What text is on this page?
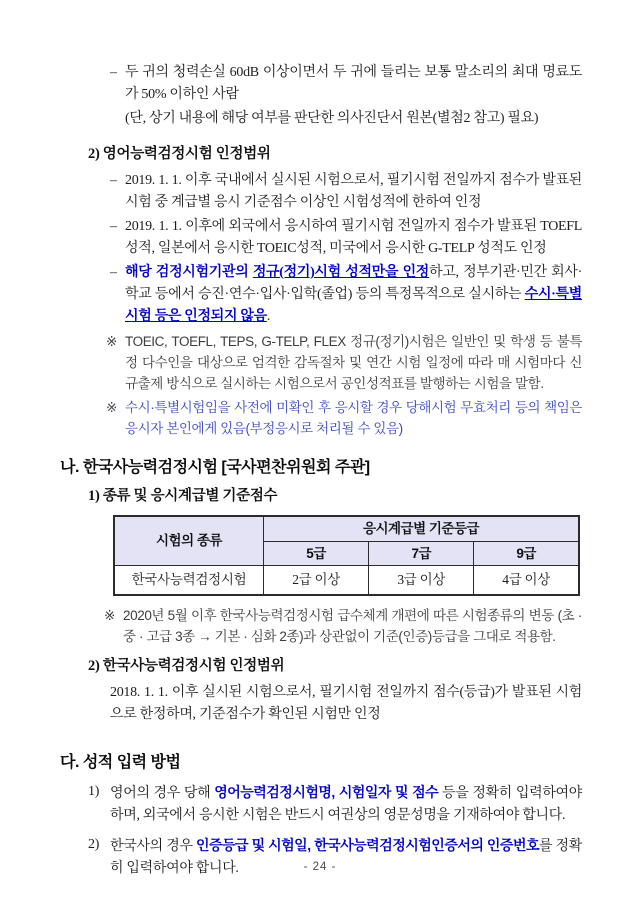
– 두 귀의 청력손실 60dB 이상이면서 두 귀에 들리는 보통 말소리의 최대 명료도가 50% 이하인 사람
(단, 상기 내용에 해당 여부를 판단한 의사진단서 원본(별첨2 참고) 필요)
2) 영어능력검정시험 인정범위
– 2019. 1. 1. 이후 국내에서 실시된 시험으로서, 필기시험 전일까지 점수가 발표된 시험 중 계급별 응시 기준점수 이상인 시험성적에 한하여 인정
– 2019. 1. 1. 이후에 외국에서 응시하여 필기시험 전일까지 점수가 발표된 TOEFL성적, 일본에서 응시한 TOEIC성적, 미국에서 응시한 G-TELP 성적도 인정
– 해당 검정시험기관의 정규(정기)시험 성적만을 인정하고, 정부기관·민간 회사·학교 등에서 승진·연수·입사·입학(졸업) 등의 특정목적으로 실시하는 수시·특별시험 등은 인정되지 않음.
※ TOEIC, TOEFL, TEPS, G-TELP, FLEX 정규(정기)시험은 일반인 및 학생 등 불특정 다수인을 대상으로 엄격한 감독절차 및 연간 시험 일정에 따라 매 시험마다 신규출제 방식으로 실시하는 시험으로서 공인성적표를 발행하는 시험을 말함.
※ 수시·특별시험임을 사전에 미확인 후 응시할 경우 당해시험 무효처리 등의 책임은 응시자 본인에게 있음(부정응시로 처리될 수 있음)
나. 한국사능력검정시험 [국사편찬위원회 주관]
1) 종류 및 응시계급별 기준점수
시험의 종류	응시계급별 기준등급		
	5급	7급	9급
한국사능력검정시험	2급 이상	3급 이상	4급 이상
※ 2020년 5월 이후 한국사능력검정시험 급수체계 개편에 따른 시험종류의 변동 (초 · 중 · 고급 3종 → 기본 · 심화 2종)과 상관없이 기준(인증)등급을 그대로 적용함.
2) 한국사능력검정시험 인정범위
2018. 1. 1. 이후 실시된 시험으로서, 필기시험 전일까지 점수(등급)가 발표된 시험으로 한정하며, 기준점수가 확인된 시험만 인정
다. 성적 입력 방법
1) 영어의 경우 당해 영어능력검정시험명, 시험일자 및 점수 등을 정확히 입력하여야 하며, 외국에서 응시한 시험은 반드시 여권상의 영문성명을 기재하여야 합니다.
2) 한국사의 경우 인증등급 및 시험일, 한국사능력검정시험인증서의 인증번호를 정확히 입력하여야 합니다.	- 24 -
